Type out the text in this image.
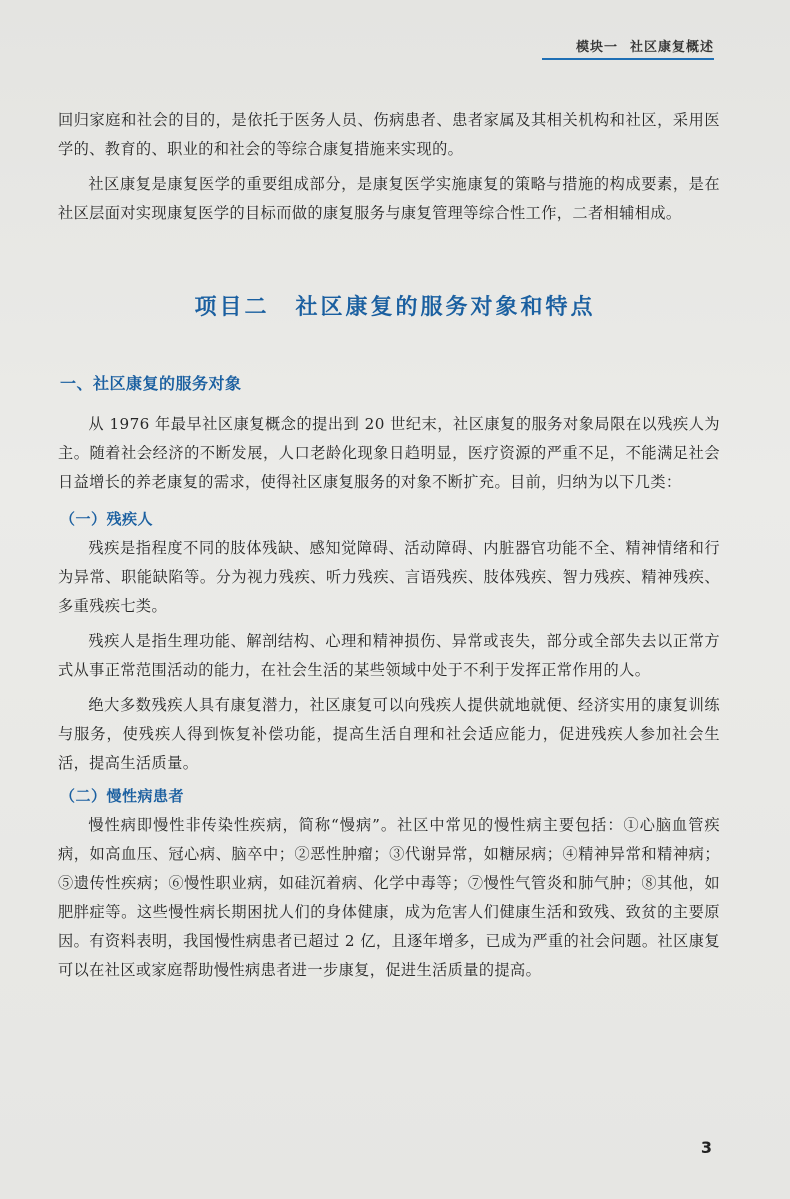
模块一 社区康复概述

回归家庭和社会的目的，是依托于医务人员、伤病患者、患者家属及其相关机构和社区，采用医学的、教育的、职业的和社会的等综合康复措施来实现的。

社区康复是康复医学的重要组成部分，是康复医学实施康复的策略与措施的构成要素，是在社区层面对实现康复医学的目标而做的康复服务与康复管理等综合性工作，二者相辅相成。

项目二 社区康复的服务对象和特点
一、社区康复的服务对象

从 1976 年最早社区康复概念的提出到 20 世纪末，社区康复的服务对象局限在以残疾人为主。随着社会经济的不断发展，人口老龄化现象日趋明显，医疗资源的严重不足，不能满足社会日益增长的养老康复的需求，使得社区康复服务的对象不断扩充。目前，归纳为以下几类：

（一）残疾人

残疾是指程度不同的肢体残缺、感知觉障碍、活动障碍、内脏器官功能不全、精神情绪和行为异常、职能缺陷等。分为视力残疾、听力残疾、言语残疾、肢体残疾、智力残疾、精神残疾、多重残疾七类。

残疾人是指生理功能、解剖结构、心理和精神损伤、异常或丧失，部分或全部失去以正常方式从事正常范围活动的能力，在社会生活的某些领域中处于不利于发挥正常作用的人。

绝大多数残疾人具有康复潜力，社区康复可以向残疾人提供就地就便、经济实用的康复训练与服务，使残疾人得到恢复补偿功能，提高生活自理和社会适应能力，促进残疾人参加社会生活，提高生活质量。

（二）慢性病患者

慢性病即慢性非传染性疾病，简称“慢病”。社区中常见的慢性病主要包括：①心脑血管疾病，如高血压、冠心病、脑卒中；②恶性肿瘤；③代谢异常，如糖尿病；④精神异常和精神病；⑤遗传性疾病；⑥慢性职业病，如硅沉着病、化学中毒等；⑦慢性气管炎和肺气肿；⑧其他，如肥胖症等。这些慢性病长期困扰人们的身体健康，成为危害人们健康生活和致残、致贫的主要原因。有资料表明，我国慢性病患者已超过 2 亿，且逐年增多，已成为严重的社会问题。社区康复可以在社区或家庭帮助慢性病患者进一步康复，促进生活质量的提高。

3
